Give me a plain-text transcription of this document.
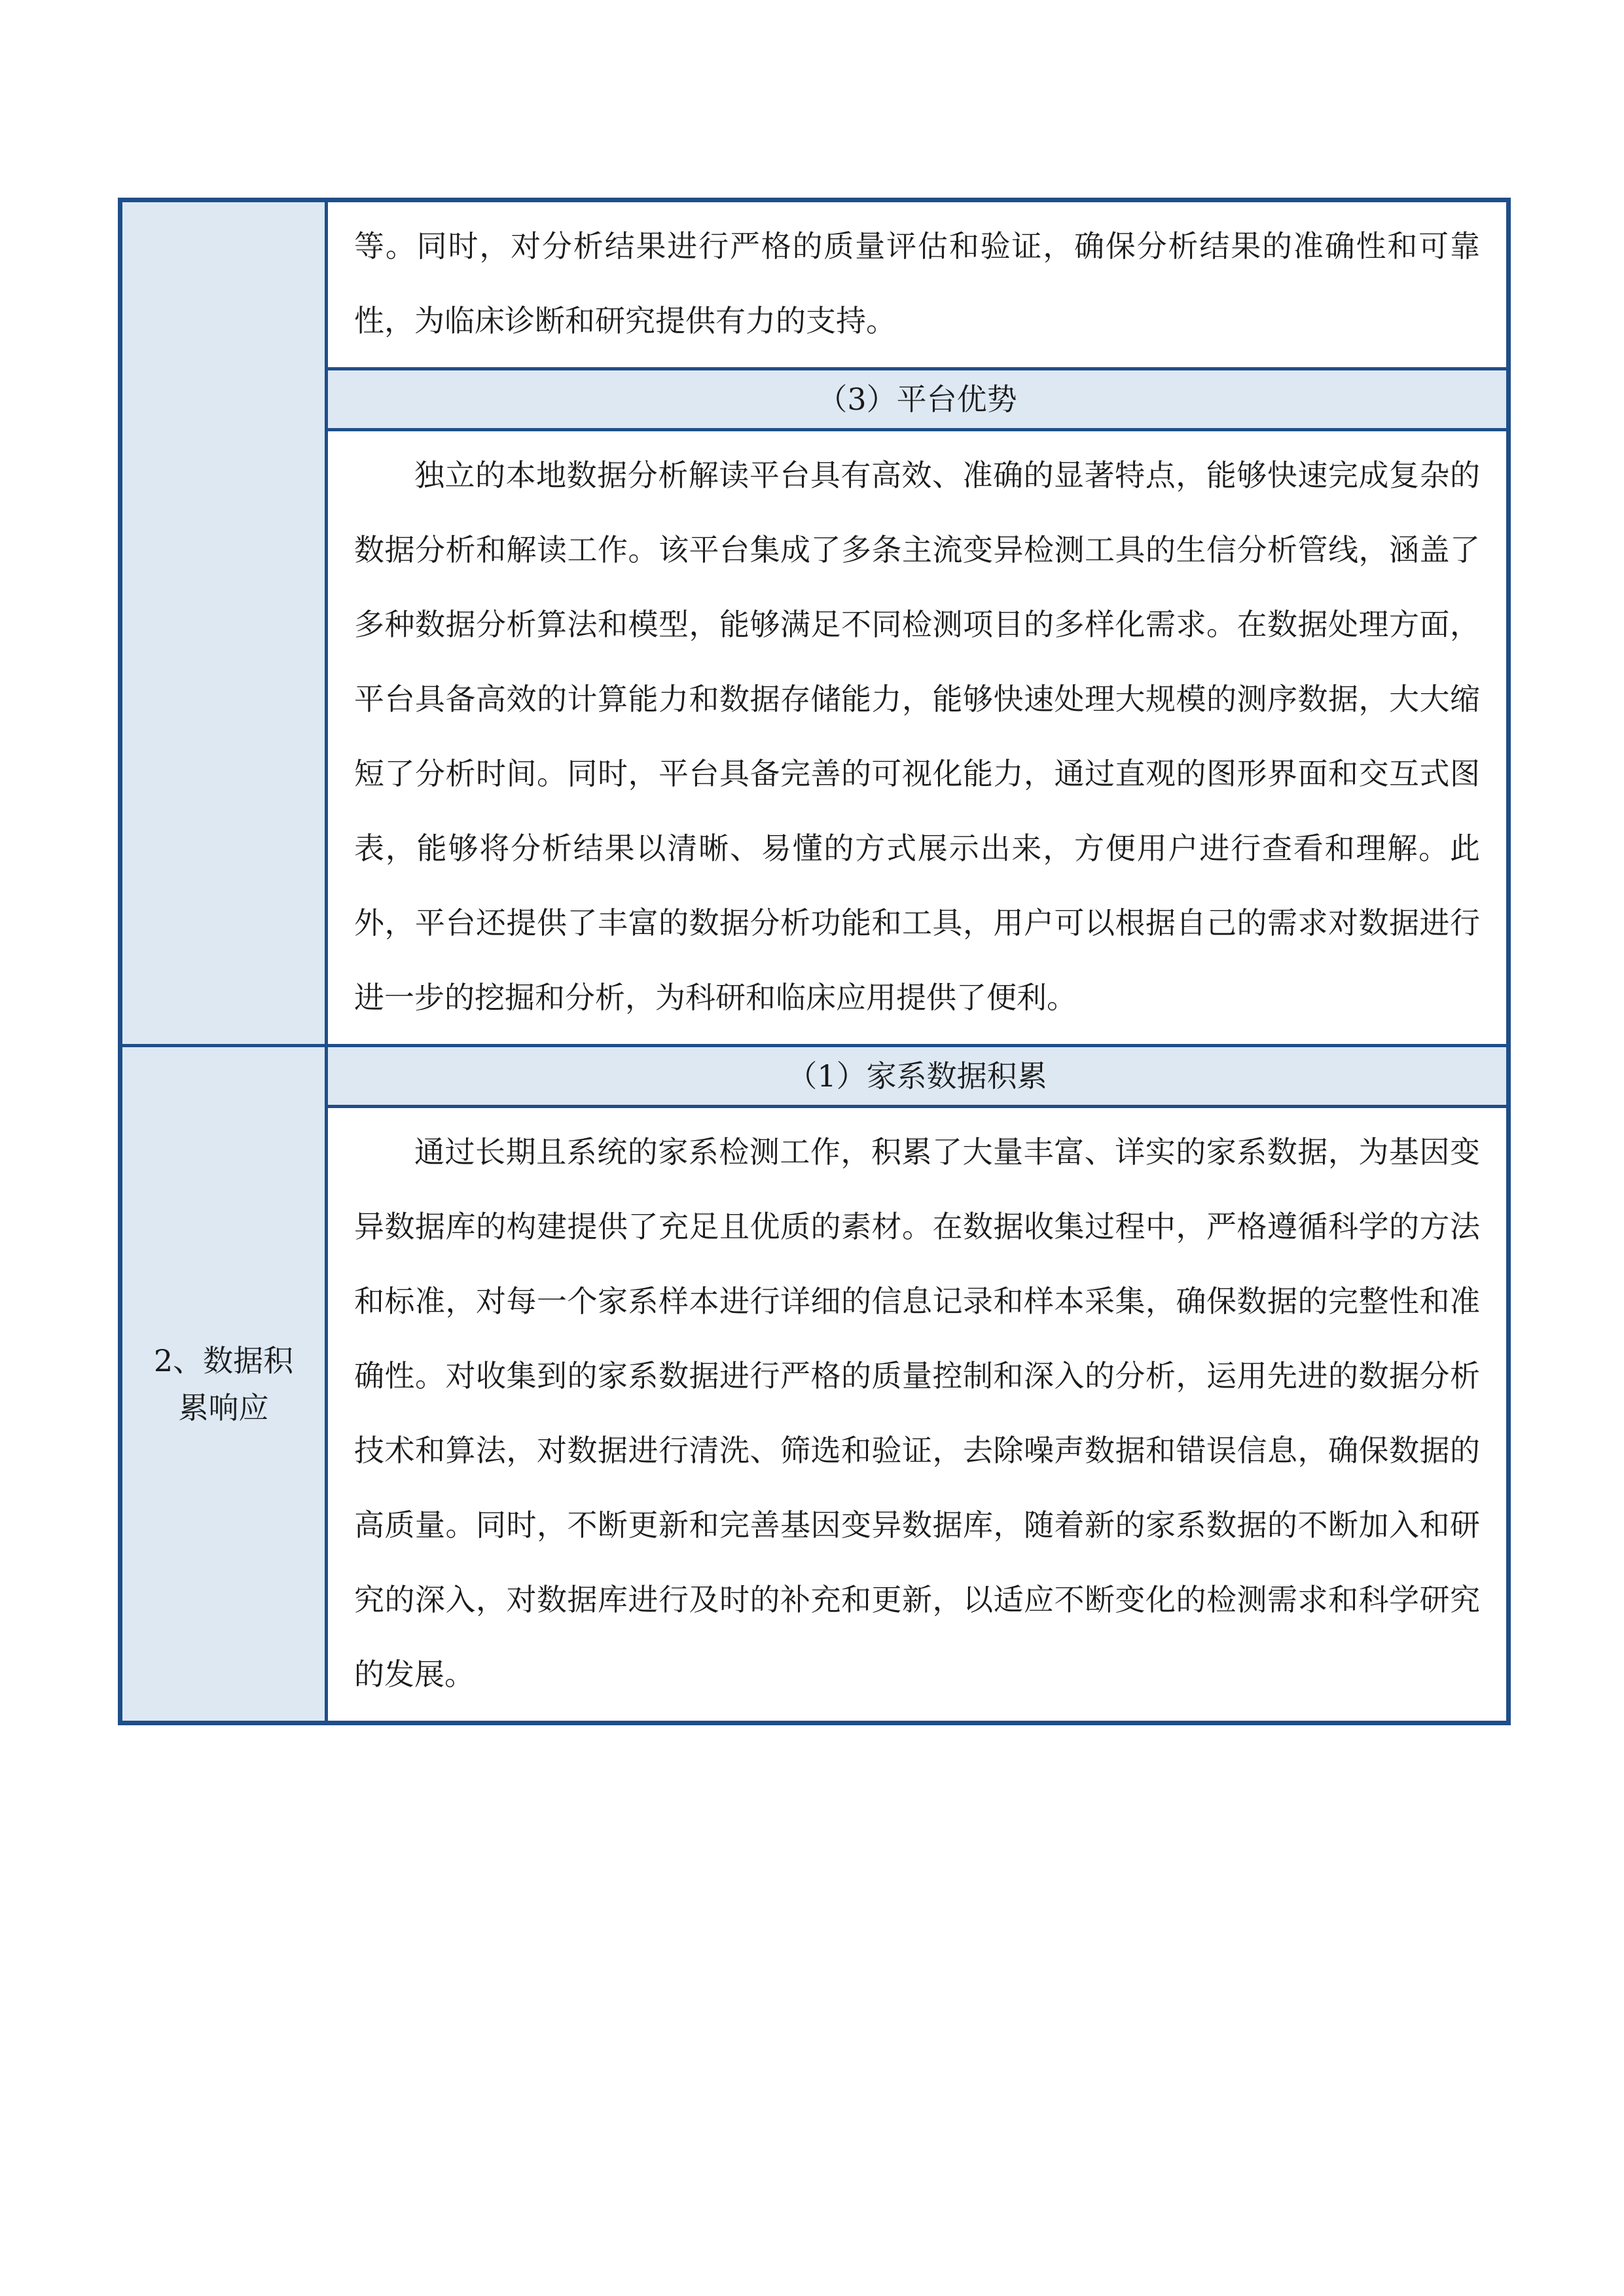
	等。同时，对分析结果进行严格的质量评估和验证，确保分析结果的准确性和可靠性，为临床诊断和研究提供有力的支持。

	（3）平台优势

	独立的本地数据分析解读平台具有高效、准确的显著特点，能够快速完成复杂的数据分析和解读工作。该平台集成了多条主流变异检测工具的生信分析管线，涵盖了多种数据分析算法和模型，能够满足不同检测项目的多样化需求。在数据处理方面，平台具备高效的计算能力和数据存储能力，能够快速处理大规模的测序数据，大大缩短了分析时间。同时，平台具备完善的可视化能力，通过直观的图形界面和交互式图表，能够将分析结果以清晰、易懂的方式展示出来，方便用户进行查看和理解。此外，平台还提供了丰富的数据分析功能和工具，用户可以根据自己的需求对数据进行进一步的挖掘和分析，为科研和临床应用提供了便利。

2、数据积累响应	（1）家系数据积累

	通过长期且系统的家系检测工作，积累了大量丰富、详实的家系数据，为基因变异数据库的构建提供了充足且优质的素材。在数据收集过程中，严格遵循科学的方法和标准，对每一个家系样本进行详细的信息记录和样本采集，确保数据的完整性和准确性。对收集到的家系数据进行严格的质量控制和深入的分析，运用先进的数据分析技术和算法，对数据进行清洗、筛选和验证，去除噪声数据和错误信息，确保数据的高质量。同时，不断更新和完善基因变异数据库，随着新的家系数据的不断加入和研究的深入，对数据库进行及时的补充和更新，以适应不断变化的检测需求和科学研究的发展。
